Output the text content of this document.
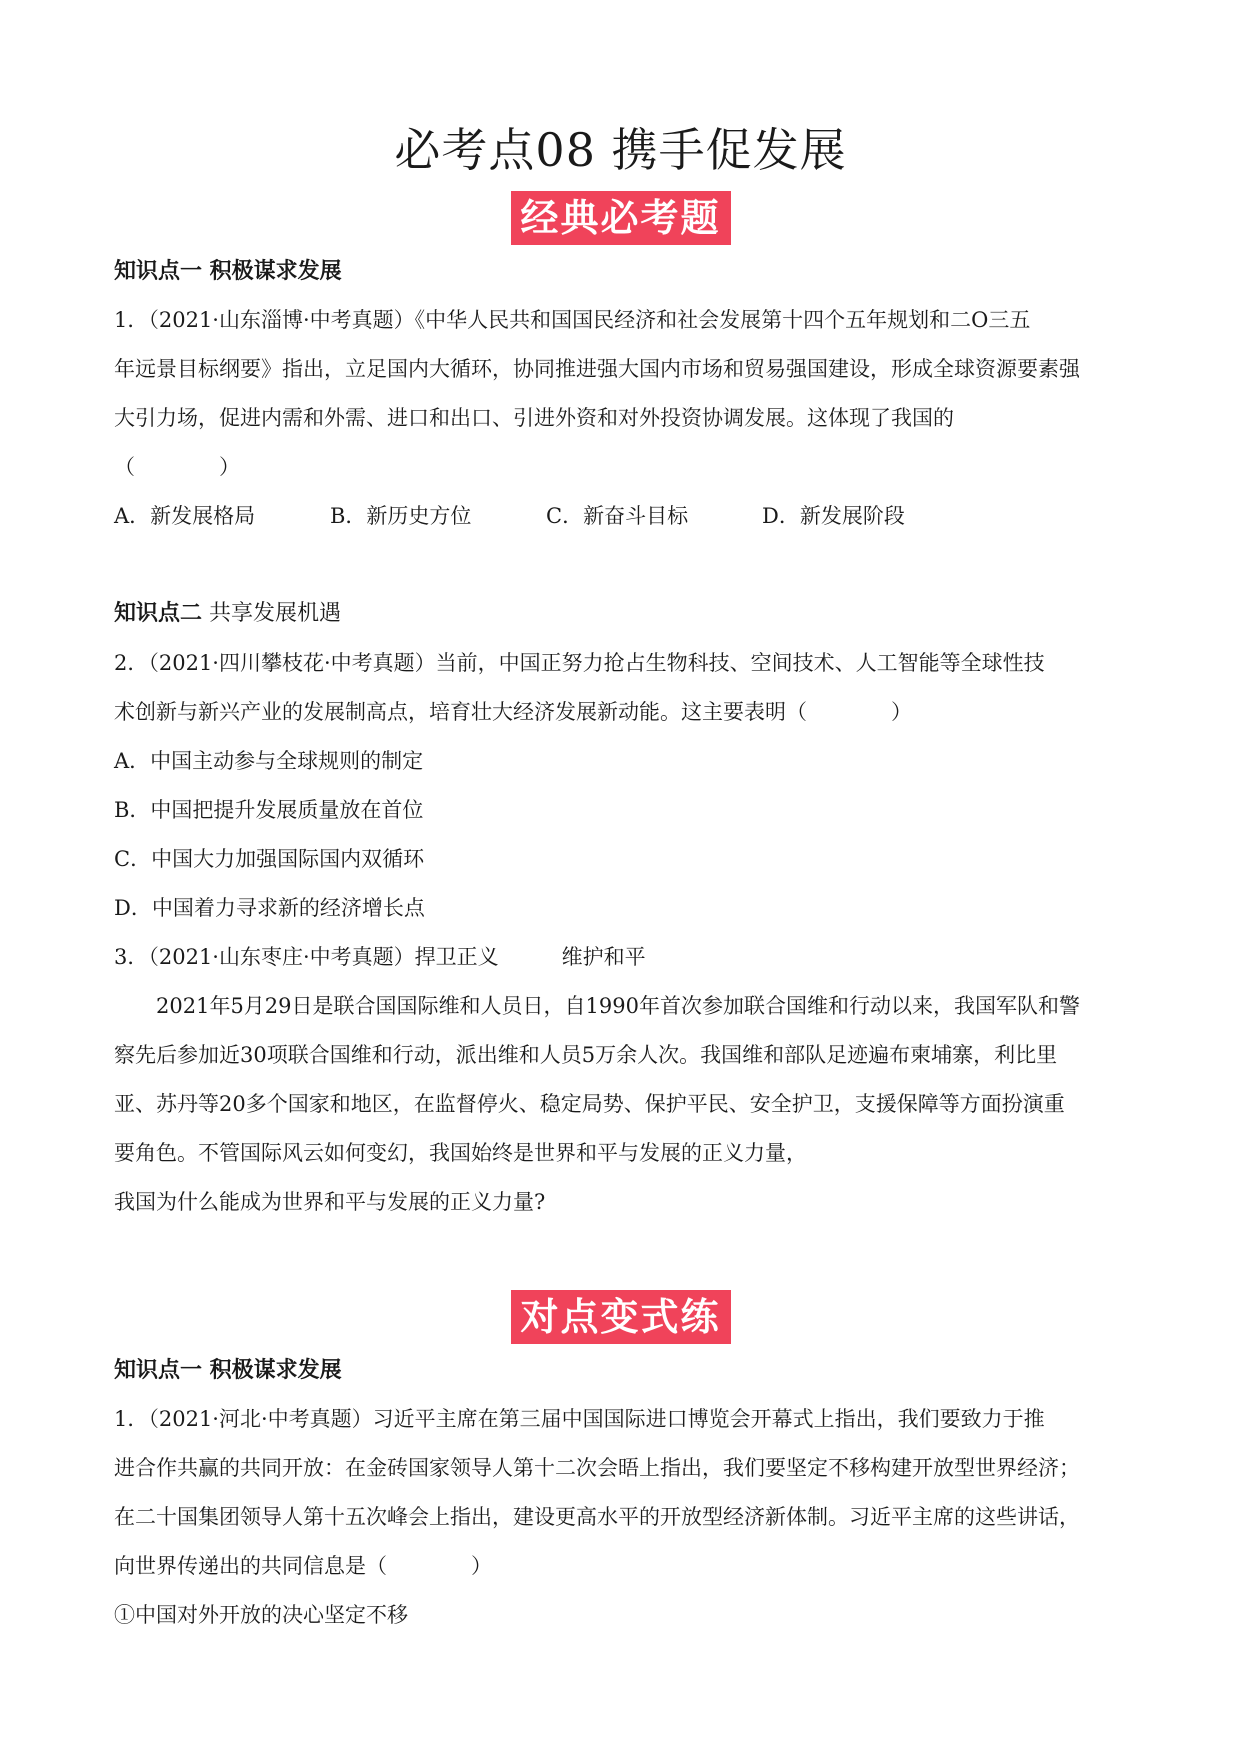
必考点08 携手促发展
经典必考题
知识点一 积极谋求发展
1．（2021·山东淄博·中考真题）《中华人民共和国国民经济和社会发展第十四个五年规划和二O三五
年远景目标纲要》指出，立足国内大循环，协同推进强大国内市场和贸易强国建设，形成全球资源要素强
大引力场，促进内需和外需、进口和出口、引进外资和对外投资协调发展。这体现了我国的
（　　　　）
A．新发展格局	B．新历史方位	C．新奋斗目标	D．新发展阶段
知识点二 共享发展机遇
2．（2021·四川攀枝花·中考真题）当前，中国正努力抢占生物科技、空间技术、人工智能等全球性技
术创新与新兴产业的发展制高点，培育壮大经济发展新动能。这主要表明（　　　　）
A．中国主动参与全球规则的制定
B．中国把提升发展质量放在首位
C．中国大力加强国际国内双循环
D．中国着力寻求新的经济增长点
3．（2021·山东枣庄·中考真题）捍卫正义　　　维护和平
2021年5月29日是联合国国际维和人员日，自1990年首次参加联合国维和行动以来，我国军队和警
察先后参加近30项联合国维和行动，派出维和人员5万余人次。我国维和部队足迹遍布柬埔寨，利比里
亚、苏丹等20多个国家和地区，在监督停火、稳定局势、保护平民、安全护卫，支援保障等方面扮演重
要角色。不管国际风云如何变幻，我国始终是世界和平与发展的正义力量，
我国为什么能成为世界和平与发展的正义力量?
对点变式练
知识点一 积极谋求发展
1．（2021·河北·中考真题）习近平主席在第三届中国国际进口博览会开幕式上指出，我们要致力于推
进合作共赢的共同开放：在金砖国家领导人第十二次会晤上指出，我们要坚定不移构建开放型世界经济；
在二十国集团领导人第十五次峰会上指出，建设更高水平的开放型经济新体制。习近平主席的这些讲话，
向世界传递出的共同信息是（　　　　）
①中国对外开放的决心坚定不移
